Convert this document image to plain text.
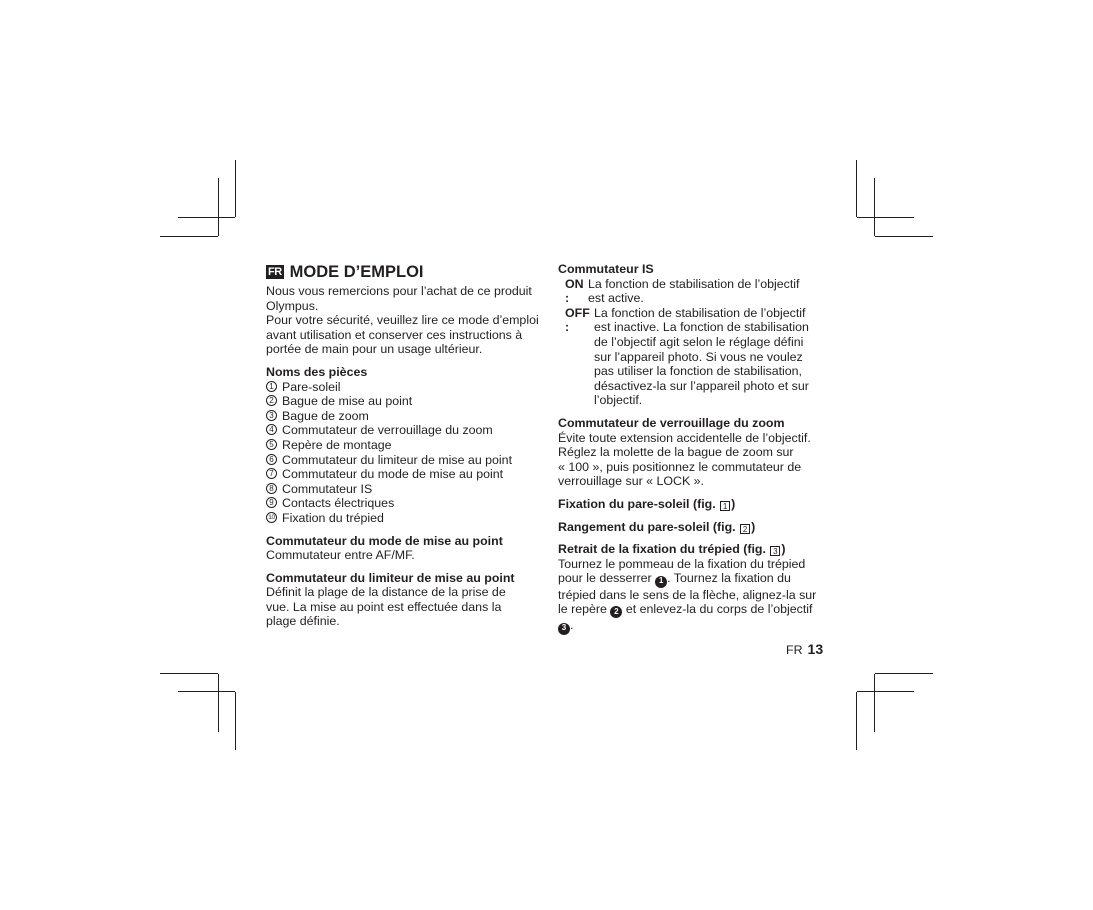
FR MODE D’EMPLOI
Nous vous remercions pour l’achat de ce produit
Olympus.
Pour votre sécurité, veuillez lire ce mode d’emploi
avant utilisation et conserver ces instructions à
portée de main pour un usage ultérieur.
Noms des pièces
1 Pare-soleil
2 Bague de mise au point
3 Bague de zoom
4 Commutateur de verrouillage du zoom
5 Repère de montage
6 Commutateur du limiteur de mise au point
7 Commutateur du mode de mise au point
8 Commutateur IS
9 Contacts électriques
10 Fixation du trépied
Commutateur du mode de mise au point
Commutateur entre AF/MF.
Commutateur du limiteur de mise au point
Définit la plage de la distance de la prise de
vue. La mise au point est effectuée dans la
plage définie.
Commutateur IS
ON :
La fonction de stabilisation de l’objectif
est active.
OFF :
La fonction de stabilisation de l’objectif
est inactive. La fonction de stabilisation
de l’objectif agit selon le réglage défini
sur l’appareil photo. Si vous ne voulez
pas utiliser la fonction de stabilisation,
désactivez-la sur l’appareil photo et sur
l’objectif.
Commutateur de verrouillage du zoom
Évite toute extension accidentelle de l’objectif.
Réglez la molette de la bague de zoom sur
« 100 », puis positionnez le commutateur de
verrouillage sur « LOCK ».
Fixation du pare-soleil (fig. 1 )
Rangement du pare-soleil (fig. 2 )
Retrait de la fixation du trépied (fig. 3 )
Tournez le pommeau de la fixation du trépied
pour le desserrer 1 . Tournez la fixation du
trépied dans le sens de la flèche, alignez-la sur
le repère 2 et enlevez-la du corps de l’objectif
3 .
FR 13
